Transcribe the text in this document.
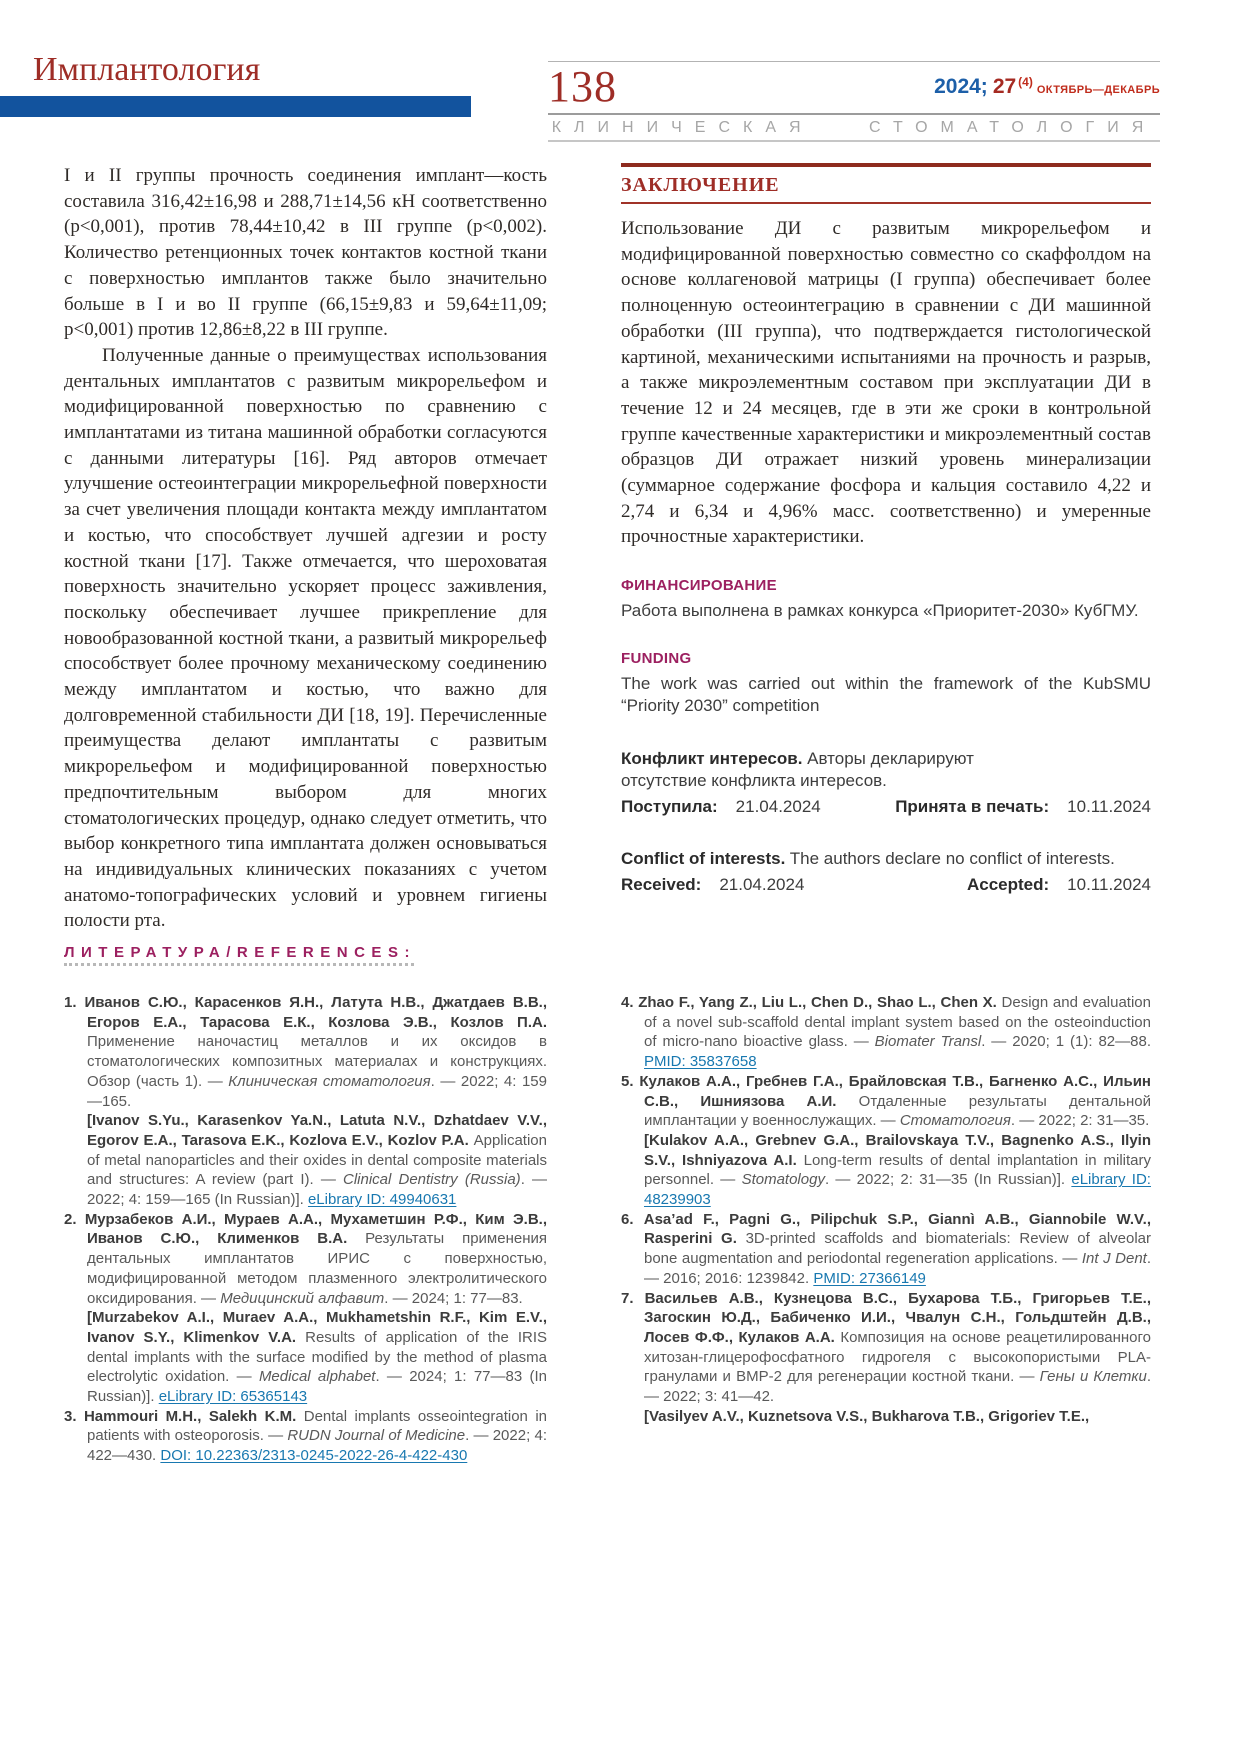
Имплантология	138	2024; 27 $^{(4)}$ОКТЯБРЬ—ДЕКАБРЬ
КЛИНИЧЕСКАЯ СТОМАТОЛОГИЯ

I и II группы прочность соединения имплант—кость составила 316,42±16,98 и 288,71±14,56 кН соответственно (p<0,001), против 78,44±10,42 в III группе (p<0,002). Количество ретенционных точек контактов костной ткани с поверхностью имплантов также было значительно больше в I и во II группе (66,15±9,83 и 59,64±11,09; p<0,001) против 12,86±8,22 в III группе.

Полученные данные о преимуществах использования дентальных имплантатов с развитым микрорельефом и модифицированной поверхностью по сравнению с имплантатами из титана машинной обработки согласуются с данными литературы [16]. Ряд авторов отмечает улучшение остеоинтеграции микрорельефной поверхности за счет увеличения площади контакта между имплантатом и костью, что способствует лучшей адгезии и росту костной ткани [17]. Также отмечается, что шероховатая поверхность значительно ускоряет процесс заживления, поскольку обеспечивает лучшее прикрепление для новообразованной костной ткани, а развитый микрорельеф способствует более прочному механическому соединению между имплантатом и костью, что важно для долговременной стабильности ДИ [18, 19]. Перечисленные преимущества делают имплантаты с развитым микрорельефом и модифицированной поверхностью предпочтительным выбором для многих стоматологических процедур, однако следует отметить, что выбор конкретного типа имплантата должен основываться на индивидуальных клинических показаниях с учетом анатомо-топографических условий и уровнем гигиены полости рта.

ЗАКЛЮЧЕНИЕ

Использование ДИ с развитым микрорельефом и модифицированной поверхностью совместно со скаффолдом на основе коллагеновой матрицы (I группа) обеспечивает более полноценную остеоинтеграцию в сравнении с ДИ машинной обработки (III группа), что подтверждается гистологической картиной, механическими испытаниями на прочность и разрыв, а также микроэлементным составом при эксплуатации ДИ в течение 12 и 24 месяцев, где в эти же сроки в контрольной группе качественные характеристики и микроэлементный состав образцов ДИ отражает низкий уровень минерализации (суммарное содержание фосфора и кальция составило 4,22 и 2,74 и 6,34 и 4,96% масс. соответственно) и умеренные прочностные характеристики.

ФИНАНСИРОВАНИЕ

Работа выполнена в рамках конкурса «Приоритет-2030» КубГМУ.

FUNDING

The work was carried out within the framework of the KubSMU “Priority 2030” competition

Конфликт интересов. Авторы декларируют отсутствие конфликта интересов.

Поступила: 21.04.2024	Принята в печать: 10.11.2024

Conflict of interests. The authors declare no conflict of interests.

Received: 21.04.2024	Accepted: 10.11.2024
ЛИТЕРАТУРА/REFERENCES:
1. Иванов С.Ю., Карасенков Я.Н., Латута Н.В., Джатдаев В.В., Егоров Е.А., Тарасова Е.К., Козлова Э.В., Козлов П.А. Применение наночастиц металлов и их оксидов в стоматологических композитных материалах и конструкциях. Обзор (часть 1). — Клиническая стоматология. — 2022; 4: 159—165.
[Ivanov S.Yu., Karasenkov Ya.N., Latuta N.V., Dzhatdaev V.V., Egorov E.A., Tarasova E.K., Kozlova E.V., Kozlov P.A. Application of metal nanoparticles and their oxides in dental composite materials and structures: A review (part I). — Clinical Dentistry (Russia). — 2022; 4: 159—165 (In Russian)]. eLibrary ID: 49940631
2. Мурзабеков А.И., Мураев А.А., Мухаметшин Р.Ф., Ким Э.В., Иванов С.Ю., Клименков В.А. Результаты применения дентальных имплантатов ИРИС с поверхностью, модифицированной методом плазменного электролитического оксидирования. — Медицинский алфавит. — 2024; 1: 77—83.
[Murzabekov A.I., Muraev A.A., Mukhametshin R.F., Kim E.V., Ivanov S.Y., Klimenkov V.A. Results of application of the IRIS dental implants with the surface modified by the method of plasma electrolytic oxidation. — Medical alphabet. — 2024; 1: 77—83 (In Russian)]. eLibrary ID: 65365143
3. Hammouri M.H., Salekh K.M. Dental implants osseointegration in patients with osteoporosis. — RUDN Journal of Medicine. — 2022; 4: 422—430. DOI: 10.22363/2313-0245-2022-26-4-422-430
4. Zhao F., Yang Z., Liu L., Chen D., Shao L., Chen X. Design and evaluation of a novel sub-scaffold dental implant system based on the osteoinduction of micro-nano bioactive glass. — Biomater Transl. — 2020; 1 (1): 82—88. PMID: 35837658
5. Кулаков А.А., Гребнев Г.А., Брайловская Т.В., Багненко А.С., Ильин С.В., Ишниязова А.И. Отдаленные результаты дентальной имплантации у военнослужащих. — Стоматология. — 2022; 2: 31—35.
[Kulakov A.A., Grebnev G.A., Brailovskaya T.V., Bagnenko A.S., Ilyin S.V., Ishniyazova A.I. Long-term results of dental implantation in military personnel. — Stomatology. — 2022; 2: 31—35 (In Russian)]. eLibrary ID: 48239903
6. Asa’ad F., Pagni G., Pilipchuk S.P., Giannì A.B., Giannobile W.V., Rasperini G. 3D-printed scaffolds and biomaterials: Review of alveolar bone augmentation and periodontal regeneration applications. — Int J Dent. — 2016; 2016: 1239842. PMID: 27366149
7. Васильев А.В., Кузнецова В.С., Бухарова Т.Б., Григорьев Т.Е., Загоскин Ю.Д., Бабиченко И.И., Чвалун С.Н., Гольдштейн Д.В., Лосев Ф.Ф., Кулаков А.А. Композиция на основе реацетилированного хитозан-глицерофосфатного гидрогеля с высокопористыми PLA-гранулами и BMP-2 для регенерации костной ткани. — Гены и Клетки. — 2022; 3: 41—42.
[Vasilyev A.V., Kuznetsova V.S., Bukharova T.B., Grigoriev T.E.,
